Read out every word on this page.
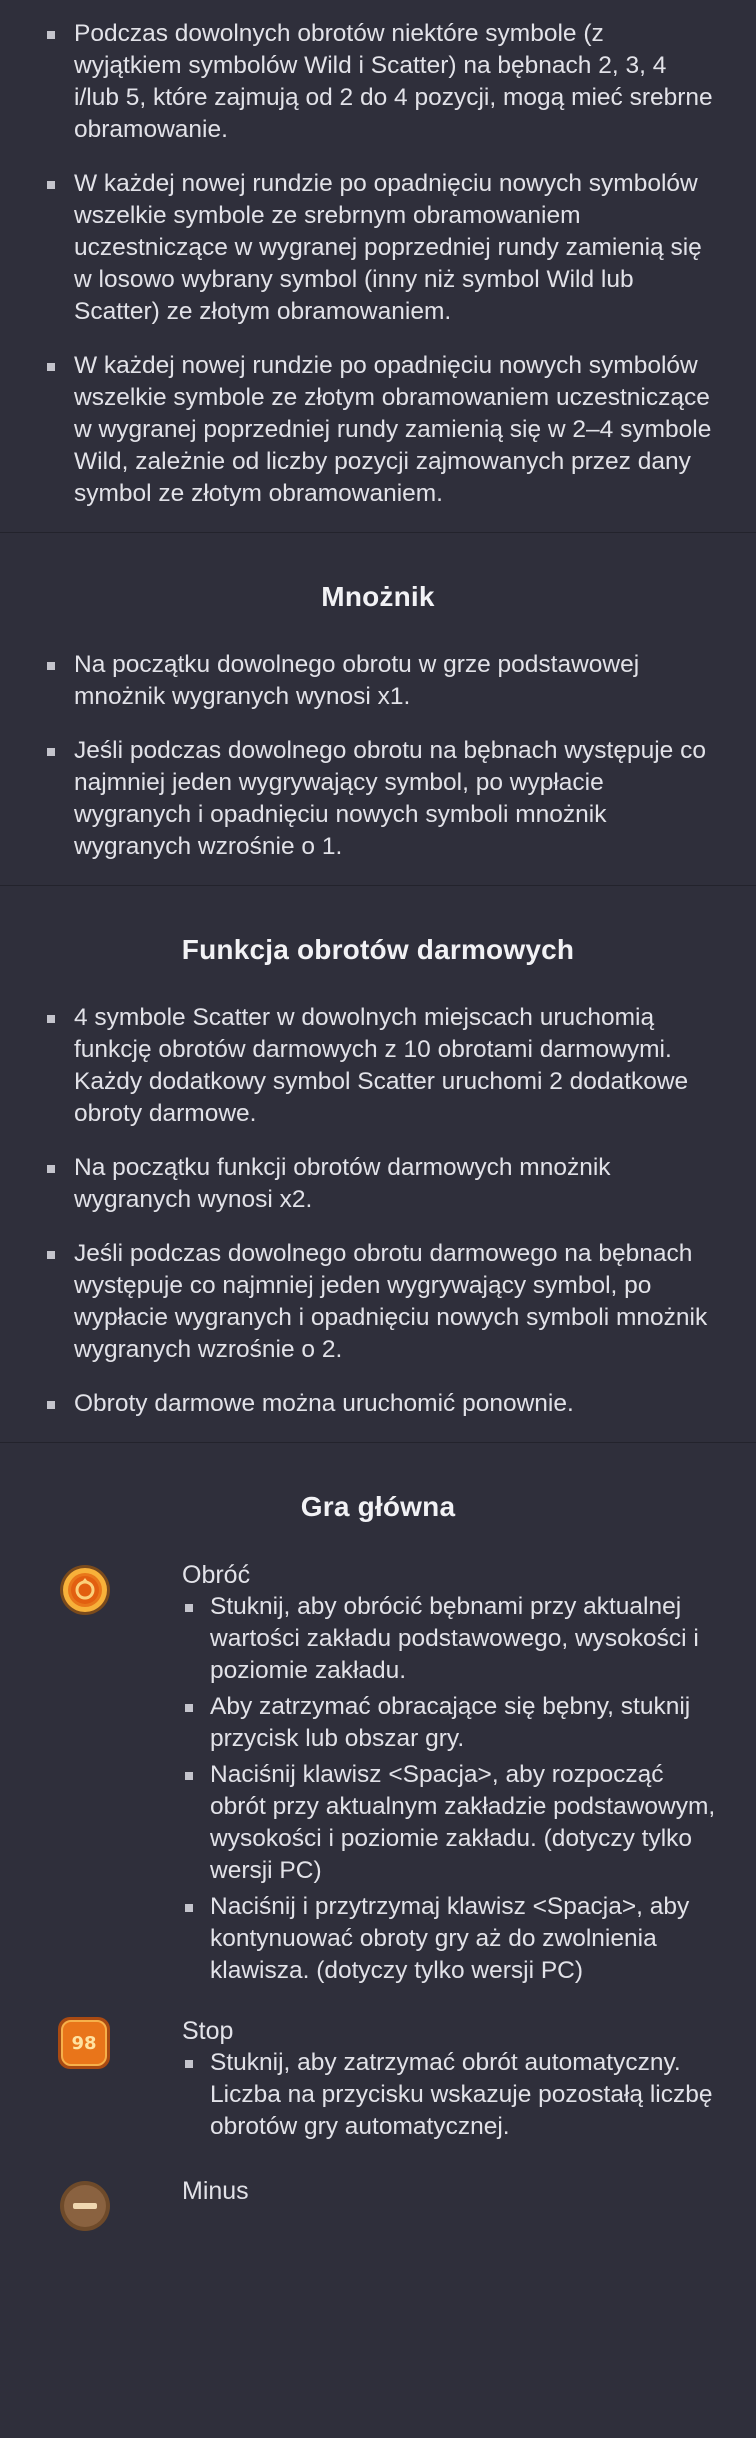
Podczas dowolnych obrotów niektóre symbole (z wyjątkiem symbolów Wild i Scatter) na bębnach 2, 3, 4 i/lub 5, które zajmują od 2 do 4 pozycji, mogą mieć srebrne obramowanie.
W każdej nowej rundzie po opadnięciu nowych symbolów wszelkie symbole ze srebrnym obramowaniem uczestniczące w wygranej poprzedniej rundy zamienią się w losowo wybrany symbol (inny niż symbol Wild lub Scatter) ze złotym obramowaniem.
W każdej nowej rundzie po opadnięciu nowych symbolów wszelkie symbole ze złotym obramowaniem uczestniczące w wygranej poprzedniej rundy zamienią się w 2–4 symbole Wild, zależnie od liczby pozycji zajmowanych przez dany symbol ze złotym obramowaniem.
Mnożnik
Na początku dowolnego obrotu w grze podstawowej mnożnik wygranych wynosi x1.
Jeśli podczas dowolnego obrotu na bębnach występuje co najmniej jeden wygrywający symbol, po wypłacie wygranych i opadnięciu nowych symboli mnożnik wygranych wzrośnie o 1.
Funkcja obrotów darmowych
4 symbole Scatter w dowolnych miejscach uruchomią funkcję obrotów darmowych z 10 obrotami darmowymi. Każdy dodatkowy symbol Scatter uruchomi 2 dodatkowe obroty darmowe.
Na początku funkcji obrotów darmowych mnożnik wygranych wynosi x2.
Jeśli podczas dowolnego obrotu darmowego na bębnach występuje co najmniej jeden wygrywający symbol, po wypłacie wygranych i opadnięciu nowych symboli mnożnik wygranych wzrośnie o 2.
Obroty darmowe można uruchomić ponownie.
Gra główna

Obróć

Stuknij, aby obrócić bębnami przy aktualnej wartości zakładu podstawowego, wysokości i poziomie zakładu.
Aby zatrzymać obracające się bębny, stuknij przycisk lub obszar gry.
Naciśnij klawisz <Spacja>, aby rozpocząć obrót przy aktualnym zakładzie podstawowym, wysokości i poziomie zakładu. (dotyczy tylko wersji PC)
Naciśnij i przytrzymaj klawisz <Spacja>, aby kontynuować obroty gry aż do zwolnienia klawisza. (dotyczy tylko wersji PC)
98	Stop

Stuknij, aby zatrzymać obrót automatyczny. Liczba na przycisku wskazuje pozostałą liczbę obrotów gry automatycznej.

Minus
